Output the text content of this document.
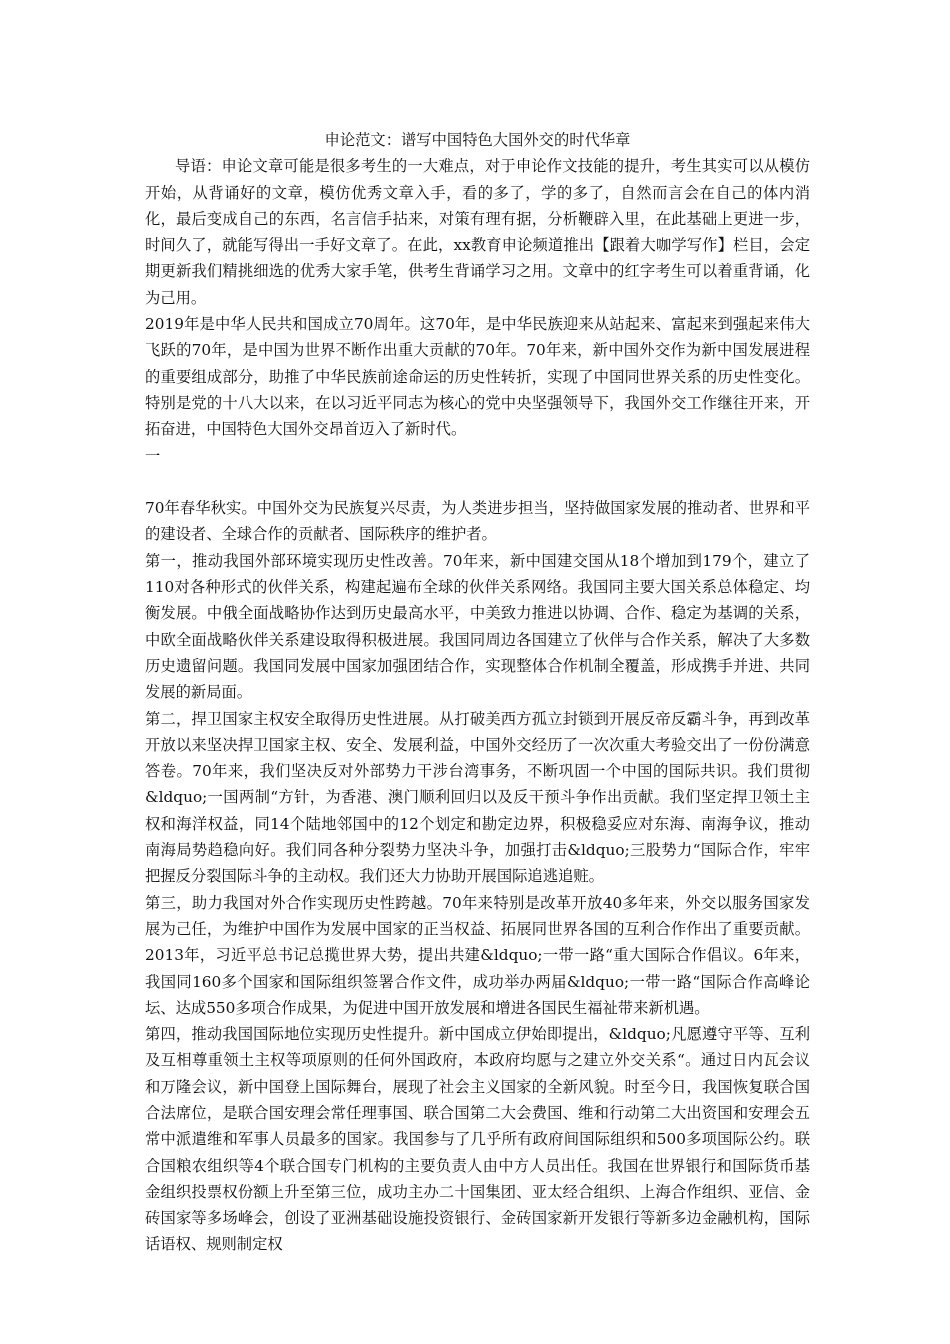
申论范文：谱写中国特色大国外交的时代华章

导语：申论文章可能是很多考生的一大难点，对于申论作文技能的提升，考生其实可以从模仿开始，从背诵好的文章，模仿优秀文章入手，看的多了，学的多了，自然而言会在自己的体内消化，最后变成自己的东西，名言信手拈来，对策有理有据，分析鞭辟入里，在此基础上更进一步，时间久了，就能写得出一手好文章了。在此，xx教育申论频道推出【跟着大咖学写作】栏目，会定期更新我们精挑细选的优秀大家手笔，供考生背诵学习之用。文章中的红字考生可以着重背诵，化为己用。

2019年是中华人民共和国成立70周年。这70年，是中华民族迎来从站起来、富起来到强起来伟大飞跃的70年，是中国为世界不断作出重大贡献的70年。70年来，新中国外交作为新中国发展进程的重要组成部分，助推了中华民族前途命运的历史性转折，实现了中国同世界关系的历史性变化。特别是党的十八大以来，在以习近平同志为核心的党中央坚强领导下，我国外交工作继往开来，开拓奋进，中国特色大国外交昂首迈入了新时代。

一

70年春华秋实。中国外交为民族复兴尽责，为人类进步担当，坚持做国家发展的推动者、世界和平的建设者、全球合作的贡献者、国际秩序的维护者。

第一，推动我国外部环境实现历史性改善。70年来，新中国建交国从18个增加到179个，建立了110对各种形式的伙伴关系，构建起遍布全球的伙伴关系网络。我国同主要大国关系总体稳定、均衡发展。中俄全面战略协作达到历史最高水平，中美致力推进以协调、合作、稳定为基调的关系，中欧全面战略伙伴关系建设取得积极进展。我国同周边各国建立了伙伴与合作关系，解决了大多数历史遗留问题。我国同发展中国家加强团结合作，实现整体合作机制全覆盖，形成携手并进、共同发展的新局面。

第二，捍卫国家主权安全取得历史性进展。从打破美西方孤立封锁到开展反帝反霸斗争，再到改革开放以来坚决捍卫国家主权、安全、发展利益，中国外交经历了一次次重大考验交出了一份份满意答卷。70年来，我们坚决反对外部势力干涉台湾事务，不断巩固一个中国的国际共识。我们贯彻&ldquo;一国两制“方针，为香港、澳门顺利回归以及反干预斗争作出贡献。我们坚定捍卫领土主权和海洋权益，同14个陆地邻国中的12个划定和勘定边界，积极稳妥应对东海、南海争议，推动南海局势趋稳向好。我们同各种分裂势力坚决斗争，加强打击&ldquo;三股势力“国际合作，牢牢把握反分裂国际斗争的主动权。我们还大力协助开展国际追逃追赃。

第三，助力我国对外合作实现历史性跨越。70年来特别是改革开放40多年来，外交以服务国家发展为己任，为维护中国作为发展中国家的正当权益、拓展同世界各国的互利合作作出了重要贡献。2013年，习近平总书记总揽世界大势，提出共建&ldquo;一带一路“重大国际合作倡议。6年来，我国同160多个国家和国际组织签署合作文件，成功举办两届&ldquo;一带一路“国际合作高峰论坛、达成550多项合作成果，为促进中国开放发展和增进各国民生福祉带来新机遇。

第四，推动我国国际地位实现历史性提升。新中国成立伊始即提出，&ldquo;凡愿遵守平等、互利及互相尊重领土主权等项原则的任何外国政府，本政府均愿与之建立外交关系“。通过日内瓦会议和万隆会议，新中国登上国际舞台，展现了社会主义国家的全新风貌。时至今日，我国恢复联合国合法席位，是联合国安理会常任理事国、联合国第二大会费国、维和行动第二大出资国和安理会五常中派遣维和军事人员最多的国家。我国参与了几乎所有政府间国际组织和500多项国际公约。联合国粮农组织等4个联合国专门机构的主要负责人由中方人员出任。我国在世界银行和国际货币基金组织投票权份额上升至第三位，成功主办二十国集团、亚太经合组织、上海合作组织、亚信、金砖国家等多场峰会，创设了亚洲基础设施投资银行、金砖国家新开发银行等新多边金融机构，国际话语权、规则制定权
